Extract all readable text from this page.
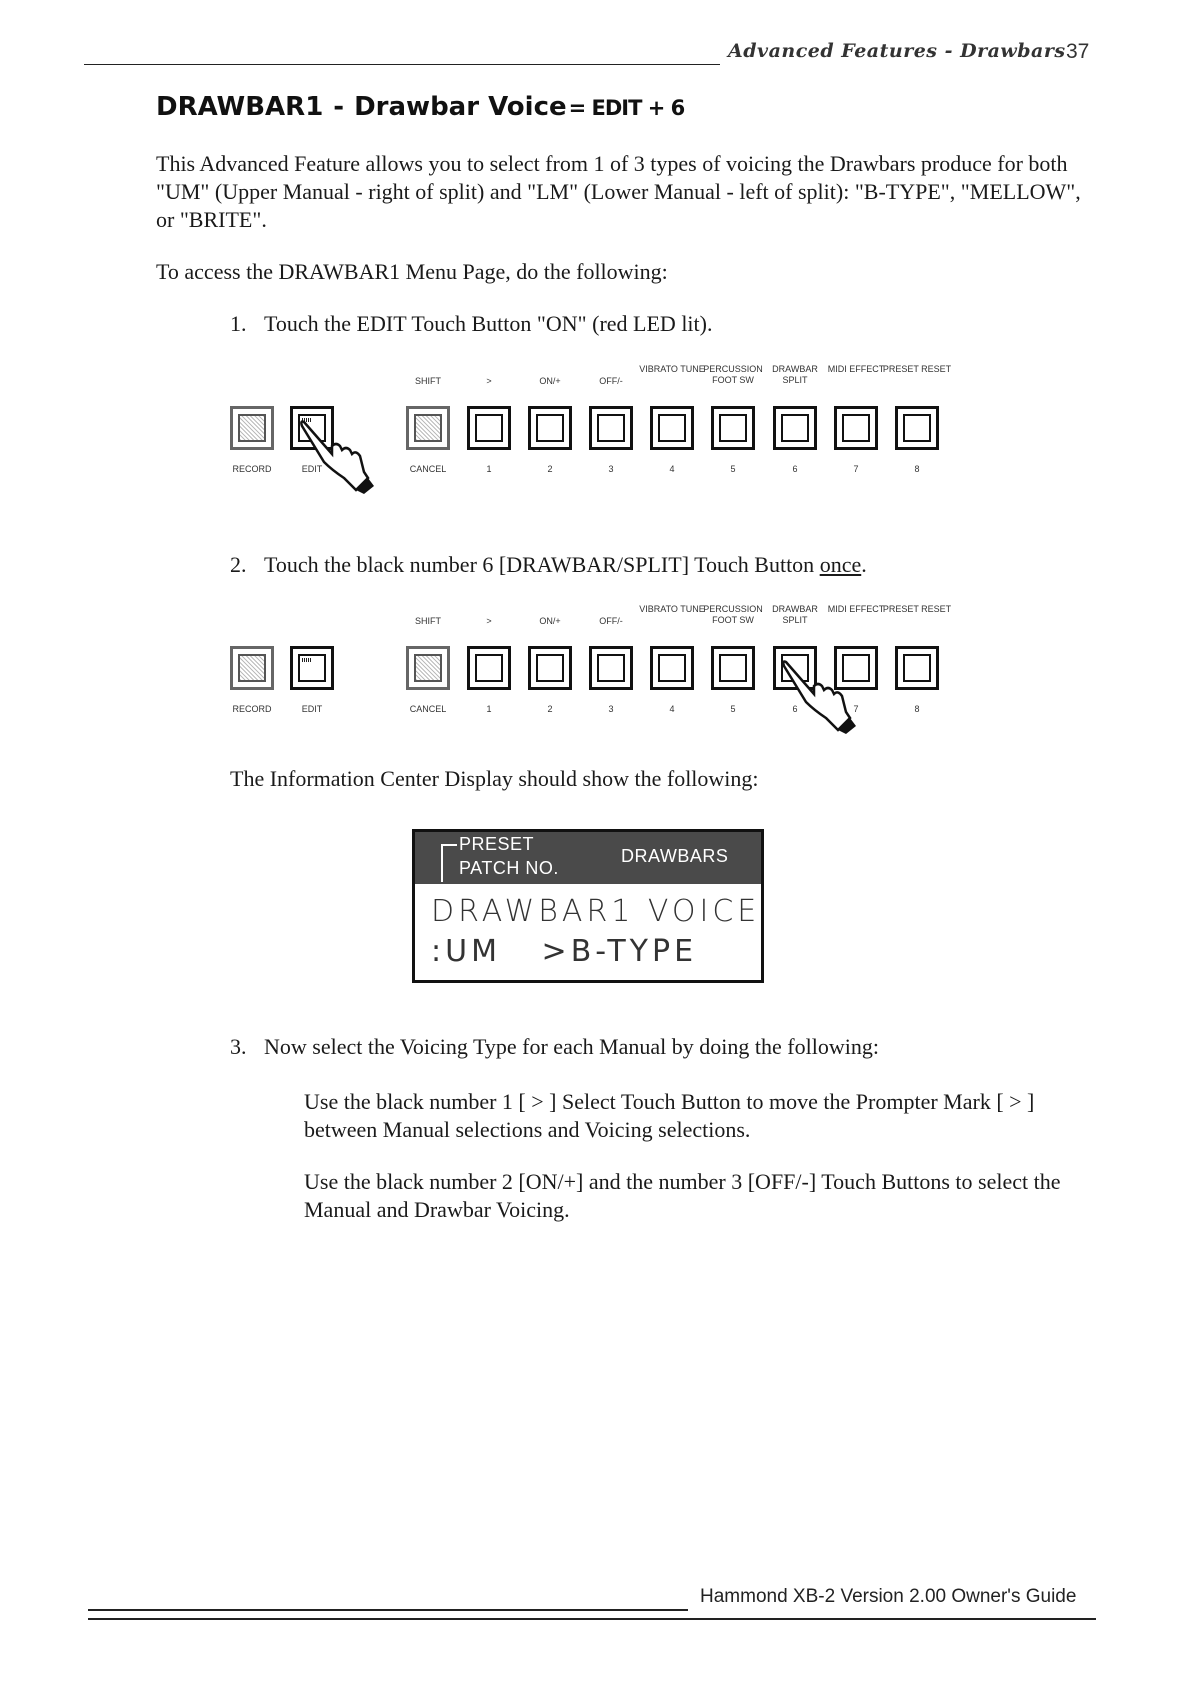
Advanced Features - Drawbars 37
DRAWBAR1 - Drawbar Voice= EDIT + 6
This Advanced Feature allows you to select from 1 of 3 types of voicing the Drawbars produce for both "UM" (Upper Manual - right of split) and "LM" (Lower Manual - left of split): "B-TYPE", "MELLOW", or "BRITE".
To access the DRAWBAR1 Menu Page, do the following:
1. Touch the EDIT Touch Button "ON" (red LED lit).
RECORD	EDIT
SHIFT
CANCEL
>
1
ON/+
2
OFF/-
3
VIBRATO TUNE
4
PERCUSSION FOOT SW
5
DRAWBAR SPLIT
6
MIDI EFFECT
7
PRESET RESET
8
2. Touch the black number 6 [DRAWBAR/SPLIT] Touch Button once.
RECORD	EDIT
SHIFT
CANCEL
>
1
ON/+
2
OFF/-
3
VIBRATO TUNE
4
PERCUSSION FOOT SW
5
DRAWBAR SPLIT
6
MIDI EFFECT
7
PRESET RESET
8
The Information Center Display should show the following:
PRESET
PATCH NO.
DRAWBARS
DRAWBAR1 VOICE
:UM   >B-TYPE
3. Now select the Voicing Type for each Manual by doing the following:
Use the black number 1 [ > ] Select Touch Button to move the Prompter Mark [ > ] between Manual selections and Voicing selections.
Use the black number 2 [ON/+] and the number 3 [OFF/-] Touch Buttons to select the Manual and Drawbar Voicing.
Hammond XB-2 Version 2.00 Owner's Guide
